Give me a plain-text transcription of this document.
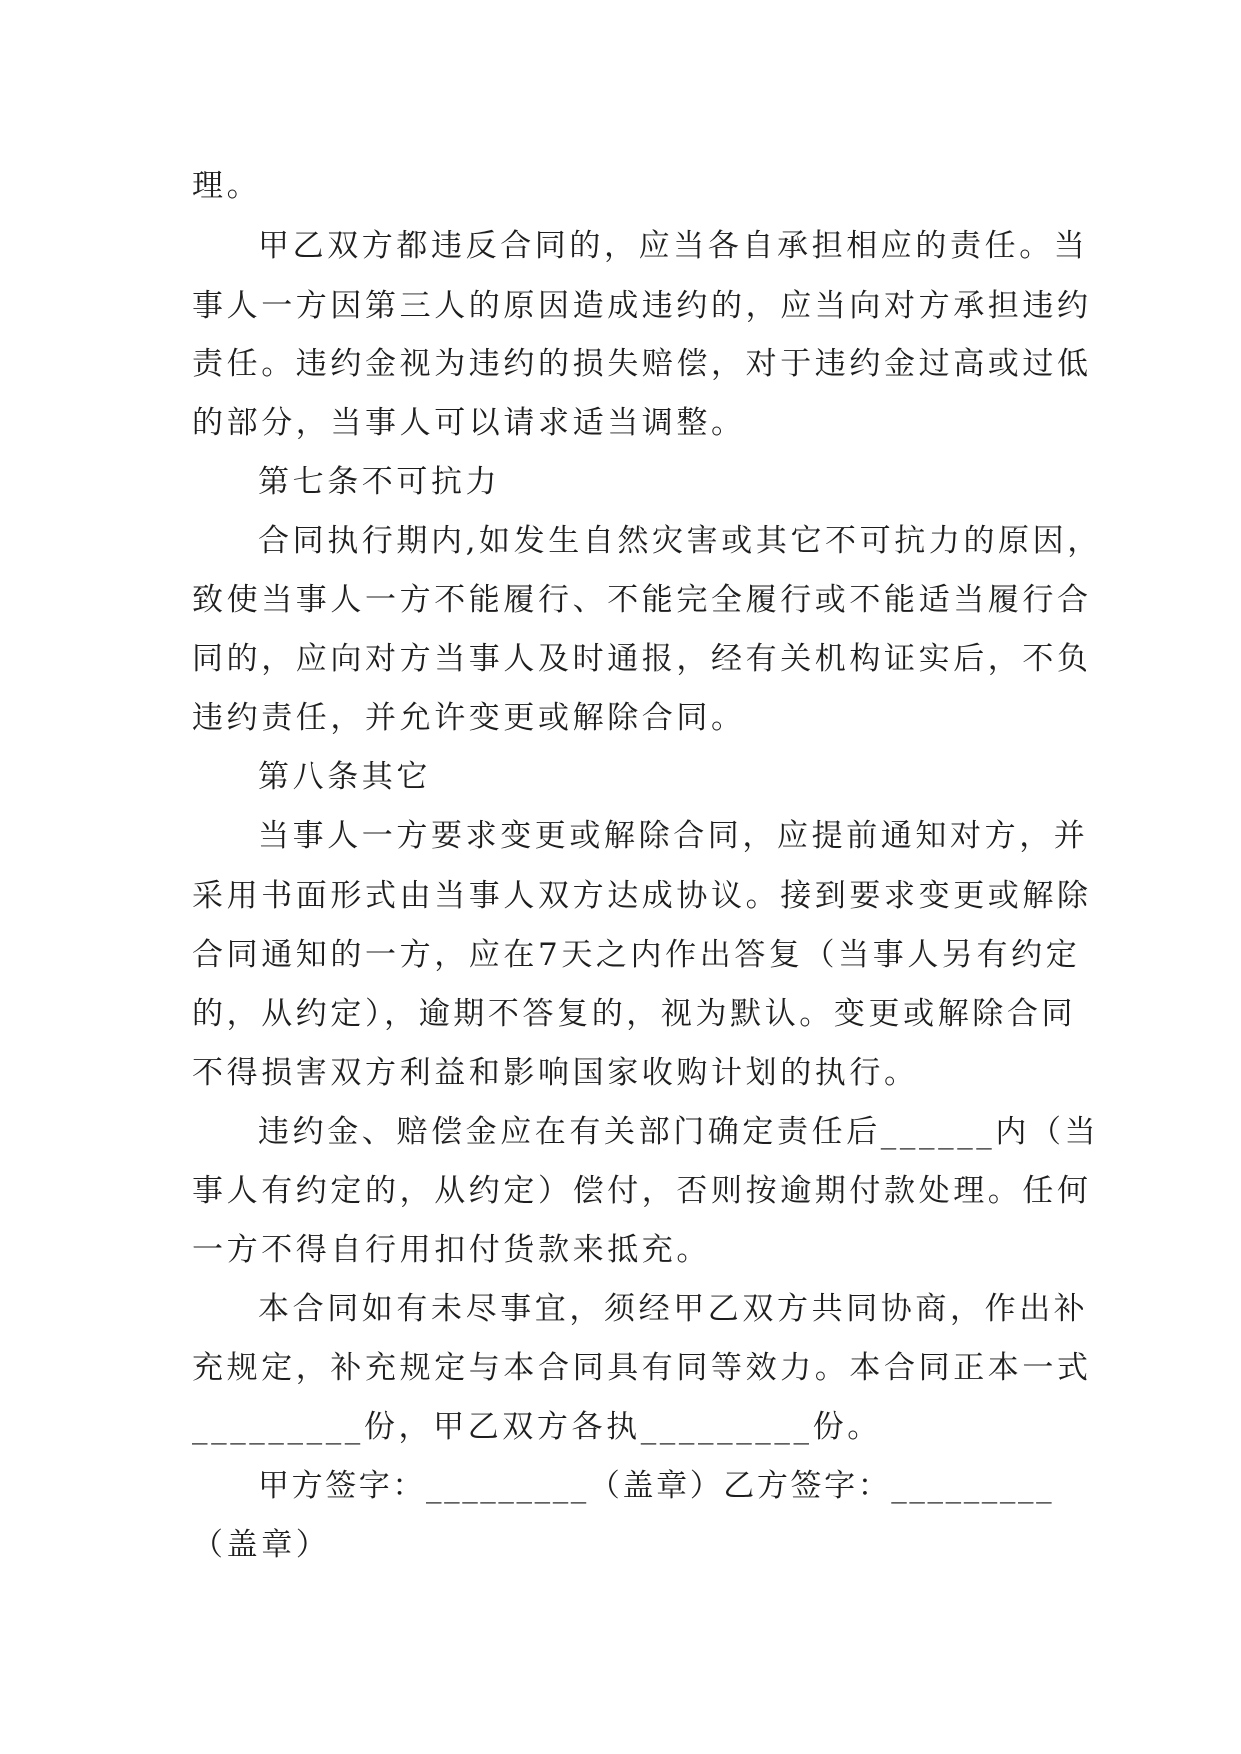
理。
甲乙双方都违反合同的，应当各自承担相应的责任。当
事人一方因第三人的原因造成违约的，应当向对方承担违约
责任。违约金视为违约的损失赔偿，对于违约金过高或过低
的部分，当事人可以请求适当调整。
第七条不可抗力
合同执行期内,如发生自然灾害或其它不可抗力的原因，
致使当事人一方不能履行、不能完全履行或不能适当履行合
同的，应向对方当事人及时通报，经有关机构证实后，不负
违约责任，并允许变更或解除合同。
第八条其它
当事人一方要求变更或解除合同，应提前通知对方，并
采用书面形式由当事人双方达成协议。接到要求变更或解除
合同通知的一方，应在7天之内作出答复（当事人另有约定
的，从约定），逾期不答复的，视为默认。变更或解除合同
不得损害双方利益和影响国家收购计划的执行。
违约金、赔偿金应在有关部门确定责任后______内（当
事人有约定的，从约定）偿付，否则按逾期付款处理。任何
一方不得自行用扣付货款来抵充。
本合同如有未尽事宜，须经甲乙双方共同协商，作出补
充规定，补充规定与本合同具有同等效力。本合同正本一式
_________份，甲乙双方各执_________份。
甲方签字：_________（盖章）乙方签字：_________
（盖章）
